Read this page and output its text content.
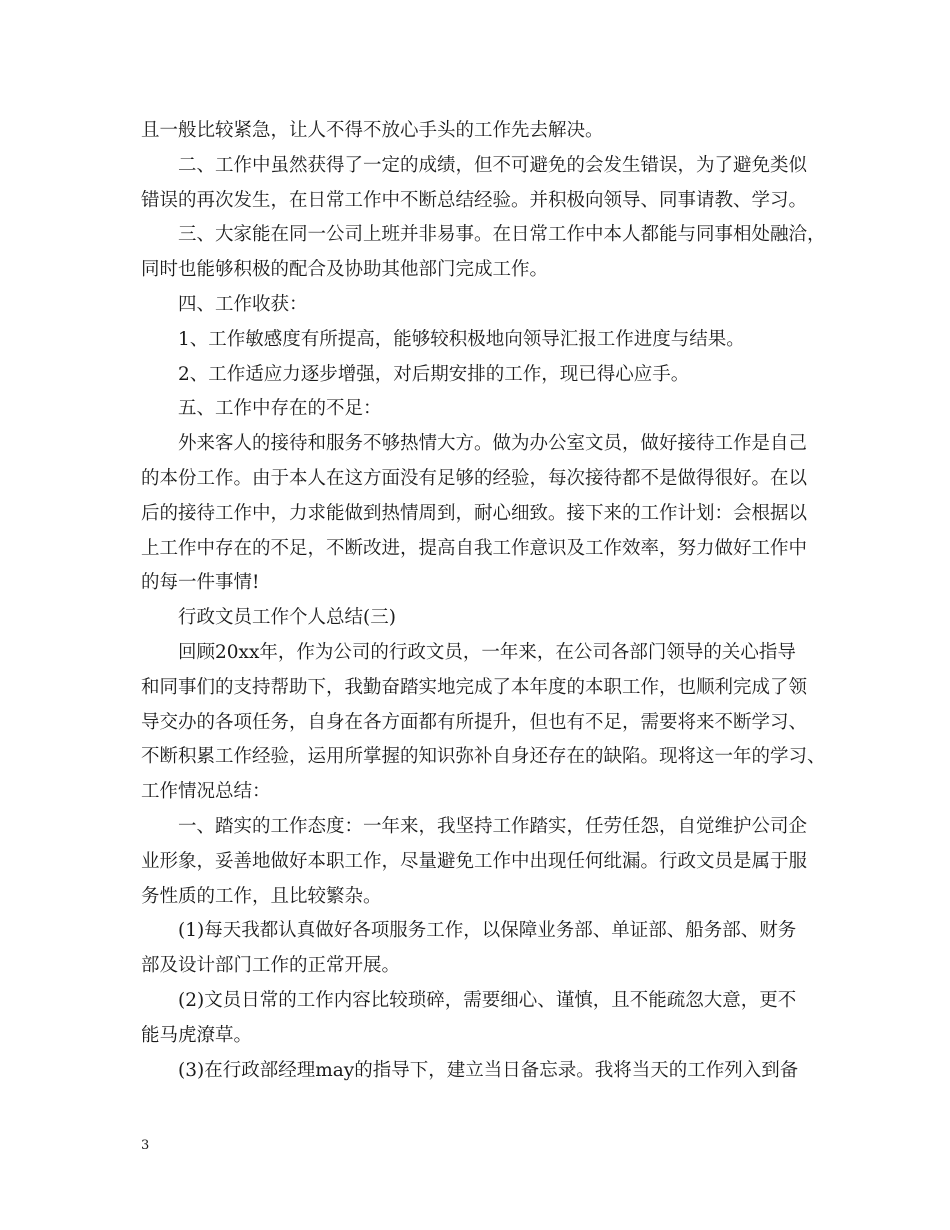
且一般比较紧急，让人不得不放心手头的工作先去解决。
二、工作中虽然获得了一定的成绩，但不可避免的会发生错误，为了避免类似
错误的再次发生，在日常工作中不断总结经验。并积极向领导、同事请教、学习。
三、大家能在同一公司上班并非易事。在日常工作中本人都能与同事相处融洽，
同时也能够积极的配合及协助其他部门完成工作。
四、工作收获：
1、工作敏感度有所提高，能够较积极地向领导汇报工作进度与结果。
2、工作适应力逐步增强，对后期安排的工作，现已得心应手。
五、工作中存在的不足：
外来客人的接待和服务不够热情大方。做为办公室文员，做好接待工作是自己
的本份工作。由于本人在这方面没有足够的经验，每次接待都不是做得很好。在以
后的接待工作中，力求能做到热情周到，耐心细致。接下来的工作计划：会根据以
上工作中存在的不足，不断改进，提高自我工作意识及工作效率，努力做好工作中
的每一件事情!
行政文员工作个人总结(三)
回顾20xx年，作为公司的行政文员，一年来，在公司各部门领导的关心指导
和同事们的支持帮助下，我勤奋踏实地完成了本年度的本职工作，也顺利完成了领
导交办的各项任务，自身在各方面都有所提升，但也有不足，需要将来不断学习、
不断积累工作经验，运用所掌握的知识弥补自身还存在的缺陷。现将这一年的学习、
工作情况总结：
一、踏实的工作态度：一年来，我坚持工作踏实，任劳任怨，自觉维护公司企
业形象，妥善地做好本职工作，尽量避免工作中出现任何纰漏。行政文员是属于服
务性质的工作，且比较繁杂。
(1)每天我都认真做好各项服务工作，以保障业务部、单证部、船务部、财务
部及设计部门工作的正常开展。
(2)文员日常的工作内容比较琐碎，需要细心、谨慎，且不能疏忽大意，更不
能马虎潦草。
(3)在行政部经理may的指导下，建立当日备忘录。我将当天的工作列入到备
3
